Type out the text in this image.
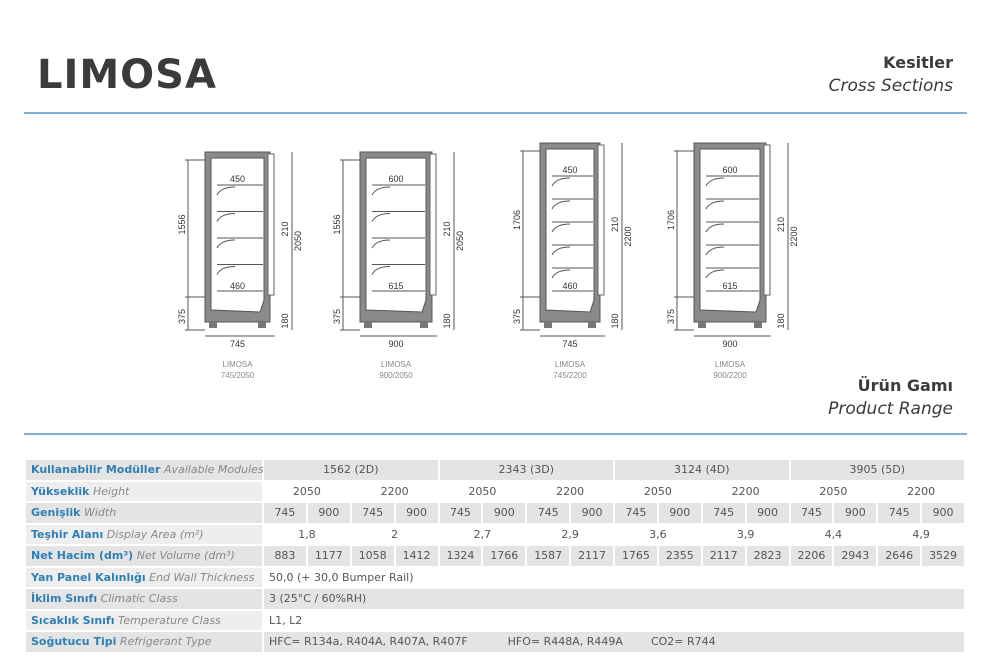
LIMOSA	Kesitler
Cross Sections
450
460
1556
375
2050
210
180
745
LIMOSA
745/2050
600
615
1556
375
2050
210
180
900
LIMOSA
900/2050
450
460
1706
375
2200
210
180
745
LIMOSA
745/2200
600
615
1706
375
2200
210
180
900
LIMOSA
900/2200
Ürün Gamı
Product Range
Kullanabilir Modüller Available Modules	1562 (2D)				2343 (3D)				3124 (4D)				3905 (5D)			
Yükseklik Height	2050		2200		2050		2200		2050		2200		2050		2200	
Genişlik Width	745	900	745	900	745	900	745	900	745	900	745	900	745	900	745	900
Teşhir Alanı Display Area (m²)	1,8		2		2,7		2,9		3,6		3,9		4,4		4,9	
Net Hacim (dm³) Net Volume (dm³)	883	1177	1058	1412	1324	1766	1587	2117	1765	2355	2117	2823	2206	2943	2646	3529
Yan Panel Kalınlığı End Wall Thickness	50,0 (+ 30,0 Bumper Rail)															
İklim Sınıfı Climatic Class	3 (25°C / 60%RH)															
Sıcaklık Sınıfı Temperature Class	L1, L2															
Soğutucu Tipi Refrigerant Type	HFC= R134a, R404A, R407A, R407F HFO= R448A, R449A CO2= R744															
